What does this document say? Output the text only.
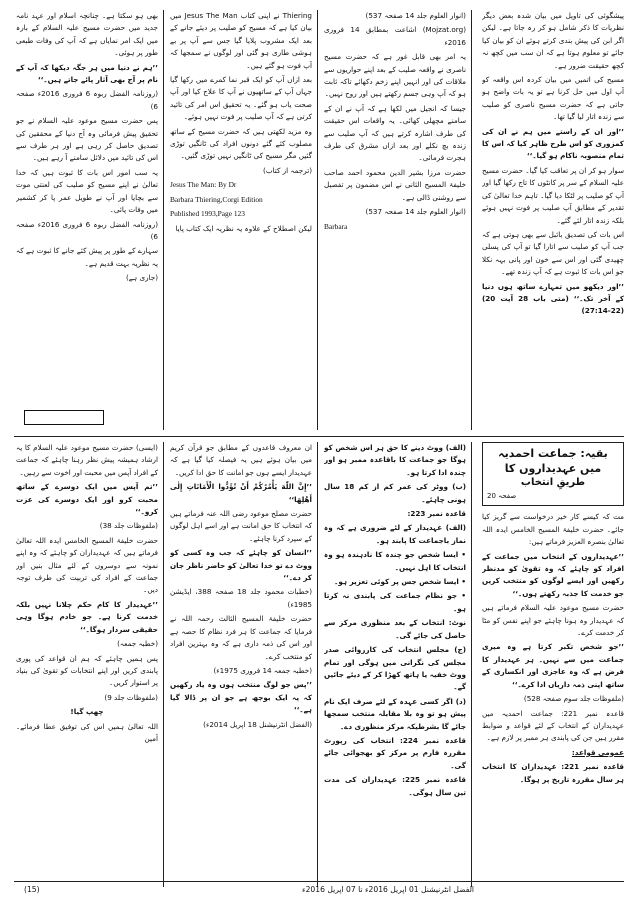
پیشگوئی کی تاویل میں بیان شدہ بعض دیگر نظریات کا ذکر شامل ہو کر رہ جاتا ہے۔ لیکن اگر ابن کی پیش بندی کرتے ہوئے ان کو بیان کیا جائے تو معلوم ہوتا ہے کہ ان سب میں کچھ نہ کچھ حقیقت ضرور ہے۔

مسیح کی اتمیں میں بیان کردہ اس واقعہ کو آپ اول میں حل کرنا ہے تو یہ بات واضح ہو جاتی ہے کہ حضرت مسیح ناصری کو صلیب سے زندہ اتار لیا گیا تھا۔

’’اور ان کے راستے میں ہم نے ان کی کمزوری کو اس طرح ظاہر کیا کہ اس کا تمام منصوبہ ناکام ہو گیا۔‘‘

سوار ہو کر ان پر تعاقب کیا گیا۔ حضرت مسیح علیہ السلام کے سر پر کانٹوں کا تاج رکھا گیا اور آپ کو صلیب پر لٹکا دیا گیا۔ تاہم خدا تعالیٰ کی تقدیر کے مطابق آپ صلیب پر فوت نہیں ہوئے بلکہ زندہ اتار لئے گئے۔

اس بات کی تصدیق بائبل سے بھی ہوتی ہے کہ جب آپ کو صلیب سے اتارا گیا تو آپ کی پسلی چھیدی گئی اور اس سے خون اور پانی بہہ نکلا جو اس بات کا ثبوت ہے کہ آپ زندہ تھے۔

’’اور دیکھو میں تمہارے ساتھ ہوں دنیا کے آخر تک۔‘‘ (متی باب 28 آیت 20) (22-27:14)

(انوار العلوم جلد 14 صفحہ 537)

(Mojzat.org) اشاعت بمطابق 14 فروری 2016ء

یہ امر بھی قابل غور ہے کہ حضرت مسیح ناصری نے واقعہ صلیب کے بعد اپنے حواریوں سے ملاقات کی اور انہیں اپنے زخم دکھائے تاکہ ثابت ہو کہ آپ وہی جسم رکھتے ہیں اور روح نہیں۔

جیسا کہ انجیل میں لکھا ہے کہ آپ نے ان کے سامنے مچھلی کھائی۔ یہ واقعات اس حقیقت کی طرف اشارہ کرتے ہیں کہ آپ صلیب سے زندہ بچ نکلے اور بعد ازاں مشرق کی طرف ہجرت فرمائی۔

حضرت مرزا بشیر الدین محمود احمد صاحب خلیفۃ المسیح الثانی نے اس مضمون پر تفصیل سے روشنی ڈالی ہے۔

(انوار العلوم جلد 14 صفحہ 537)

Barbara

Thiering نے اپنی کتاب Jesus The Man میں بیان کیا ہے کہ مسیح کو صلیب پر دیئے جانے کے بعد ایک مشروب پلایا گیا جس سے آپ پر بے ہوشی طاری ہو گئی اور لوگوں نے سمجھا کہ آپ فوت ہو گئے ہیں۔

بعد ازاں آپ کو ایک قبر نما کمرے میں رکھا گیا جہاں آپ کے ساتھیوں نے آپ کا علاج کیا اور آپ صحت یاب ہو گئے۔ یہ تحقیق اس امر کی تائید کرتی ہے کہ آپ صلیب پر فوت نہیں ہوئے۔

وہ مزید لکھتی ہیں کہ حضرت مسیح کے ساتھ مصلوب کئے گئے دونوں افراد کی ٹانگیں توڑی گئیں مگر مسیح کی ٹانگیں نہیں توڑی گئیں۔

(ترجمہ از کتاب)

Jesus The Man: By Dr

Barbara Thiering,Corgi Edition

Published 1993,Page 123

لیکن اصطلاح کے علاوہ یہ نظریہ ایک کتاب پایا

بھی ہو سکتا ہے۔ چنانچہ اسلام اور عہد نامہ جدید میں حضرت مسیح علیہ السلام کے بارہ میں ایک امر نمایاں ہے کہ آپ کی وفات طبعی طور پر ہوئی۔

’’ہم نے دنیا میں ہر جگہ دیکھا کہ آپ کے نام پر آج بھی آثار پائے جاتے ہیں۔‘‘

(روزنامہ الفضل ربوہ 6 فروری 2016ء صفحہ 6)

پس حضرت مسیح موعود علیہ السلام نے جو تحقیق پیش فرمائی وہ آج دنیا کے محققین کی تصدیق حاصل کر رہی ہے اور ہر طرف سے اس کی تائید میں دلائل سامنے آ رہے ہیں۔

یہ سب امور اس بات کا ثبوت ہیں کہ خدا تعالیٰ نے اپنے مسیح کو صلیب کی لعنتی موت سے بچایا اور آپ نے طویل عمر پا کر کشمیر میں وفات پائی۔

(روزنامہ الفضل ربوہ 6 فروری 2016ء صفحہ 6)

سہارے کے طور پر پیش کئے جانے کا ثبوت ہے کہ یہ نظریہ بہت قدیم ہے۔

(جاری ہے)

بقیہ: جماعت احمدیہ میں عہدیداروں کا
طریقِ انتخاب
صفحہ 20

مت کہ کیسے کار خیر درخواست سے گریز کیا جائے۔ حضرت خلیفۃ المسیح الخامس ایدہ اللہ تعالیٰ بنصرہ العزیز فرماتے ہیں:

’’عہدیداروں کے انتخاب میں جماعت کے افراد کو چاہئے کہ وہ تقویٰ کو مدنظر رکھیں اور ایسے لوگوں کو منتخب کریں جو خدمت کا جذبہ رکھتے ہوں۔‘‘

حضرت مسیح موعود علیہ السلام فرماتے ہیں کہ عہدیدار وہ ہونا چاہئے جو اپنے نفس کو مٹا کر خدمت کرے۔

’’جو شخص تکبر کرتا ہے وہ میری جماعت میں سے نہیں۔ ہر عہدیدار کا فرض ہے کہ وہ عاجزی اور انکساری کے ساتھ اپنی ذمہ داریاں ادا کرے۔‘‘

(ملفوظات جلد سوم صفحہ 528)

قاعدہ نمبر 221: جماعت احمدیہ میں عہدیداران کے انتخاب کے لئے قواعد و ضوابط مقرر ہیں جن کی پابندی ہر ممبر پر لازم ہے۔

عمومی قواعد:

قاعدہ نمبر 221: عہدیداران کا انتخاب ہر سال مقررہ تاریخ پر ہوگا۔

(الف) ووٹ دینے کا حق ہر اس شخص کو ہوگا جو جماعت کا باقاعدہ ممبر ہو اور چندہ ادا کرتا ہو۔

(ب) ووٹر کی عمر کم از کم 18 سال ہونی چاہئے۔

قاعدہ نمبر 223:

(الف) عہدیدار کے لئے ضروری ہے کہ وہ نماز باجماعت کا پابند ہو۔

• ایسا شخص جو چندہ کا نادہندہ ہو وہ انتخاب کا اہل نہیں۔

• ایسا شخص جس پر کوئی تعزیر ہو۔

• جو نظام جماعت کی پابندی نہ کرتا ہو۔

نوٹ: انتخاب کے بعد منظوری مرکز سے حاصل کی جائے گی۔

(ج) مجلس انتخاب کی کارروائی صدر مجلس کی نگرانی میں ہوگی اور تمام ووٹ خفیہ یا ہاتھ کھڑا کر کے دیئے جائیں گے۔

(د) اگر کسی عہدہ کے لئے صرف ایک نام پیش ہو تو وہ بلا مقابلہ منتخب سمجھا جائے گا بشرطیکہ مرکز منظوری دے۔

قاعدہ نمبر 224: انتخاب کی رپورٹ مقررہ فارم پر مرکز کو بھجوائی جائے گی۔

قاعدہ نمبر 225: عہدیداران کی مدت تین سال ہوگی۔

ان معروف قاعدوں کے مطابق جو قرآن کریم میں بیان ہوئے ہیں یہ فیصلہ کیا گیا ہے کہ عہدیدار ایسے ہوں جو امانت کا حق ادا کریں۔

’’إِنَّ اللّٰهَ يَأْمُرُكُمْ أَنْ تُؤَدُّوا الْأَمَانَاتِ إِلٰى أَهْلِهَا‘‘

حضرت مصلح موعود رضی اللہ عنہ فرماتے ہیں کہ انتخاب کا حق امانت ہے اور اسے اہل لوگوں کے سپرد کرنا چاہئے۔

’’انسان کو چاہئے کہ جب وہ کسی کو ووٹ دے تو خدا تعالیٰ کو حاضر ناظر جان کر دے۔‘‘

(خطبات محمود جلد 18 صفحہ 388، ایڈیشن 1985ء)

حضرت خلیفۃ المسیح الثالث رحمہ اللہ نے فرمایا کہ جماعت کا ہر فرد نظام کا حصہ ہے اور اس کی ذمہ داری ہے کہ وہ بہترین افراد کو منتخب کرے۔

(خطبہ جمعہ 14 فروری 1975ء)

’’پس جو لوگ منتخب ہوں وہ یاد رکھیں کہ یہ ایک بوجھ ہے جو ان پر ڈالا گیا ہے۔‘‘

(الفضل انٹرنیشنل 18 اپریل 2014ء)

(ایسی) حضرت مسیح موعود علیہ السلام کا یہ ارشاد ہمیشہ پیش نظر رہنا چاہئے کہ جماعت کے افراد آپس میں محبت اور اخوت سے رہیں۔

’’تم آپس میں ایک دوسرے کے ساتھ محبت کرو اور ایک دوسرے کی عزت کرو۔‘‘

(ملفوظات جلد 38)

حضرت خلیفۃ المسیح الخامس ایدہ اللہ تعالیٰ فرماتے ہیں کہ عہدیداران کو چاہئے کہ وہ اپنے نمونہ سے دوسروں کے لئے مثال بنیں اور جماعت کے افراد کی تربیت کی طرف توجہ دیں۔

’’عہدیدار کا کام حکم چلانا نہیں بلکہ خدمت کرنا ہے۔ جو خادم ہوگا وہی حقیقی سردار ہوگا۔‘‘

(خطبہ جمعہ)

پس ہمیں چاہئے کہ ہم ان قواعد کی پوری پابندی کریں اور اپنے انتخابات کو تقویٰ کی بنیاد پر استوار کریں۔

(ملفوظات جلد 9)

چھپ گیا!

اللہ تعالیٰ ہمیں اس کی توفیق عطا فرمائے۔ آمین

الفضل انٹرنیشنل 01 اپریل 2016ء تا 07 اپریل 2016ء
(15)
